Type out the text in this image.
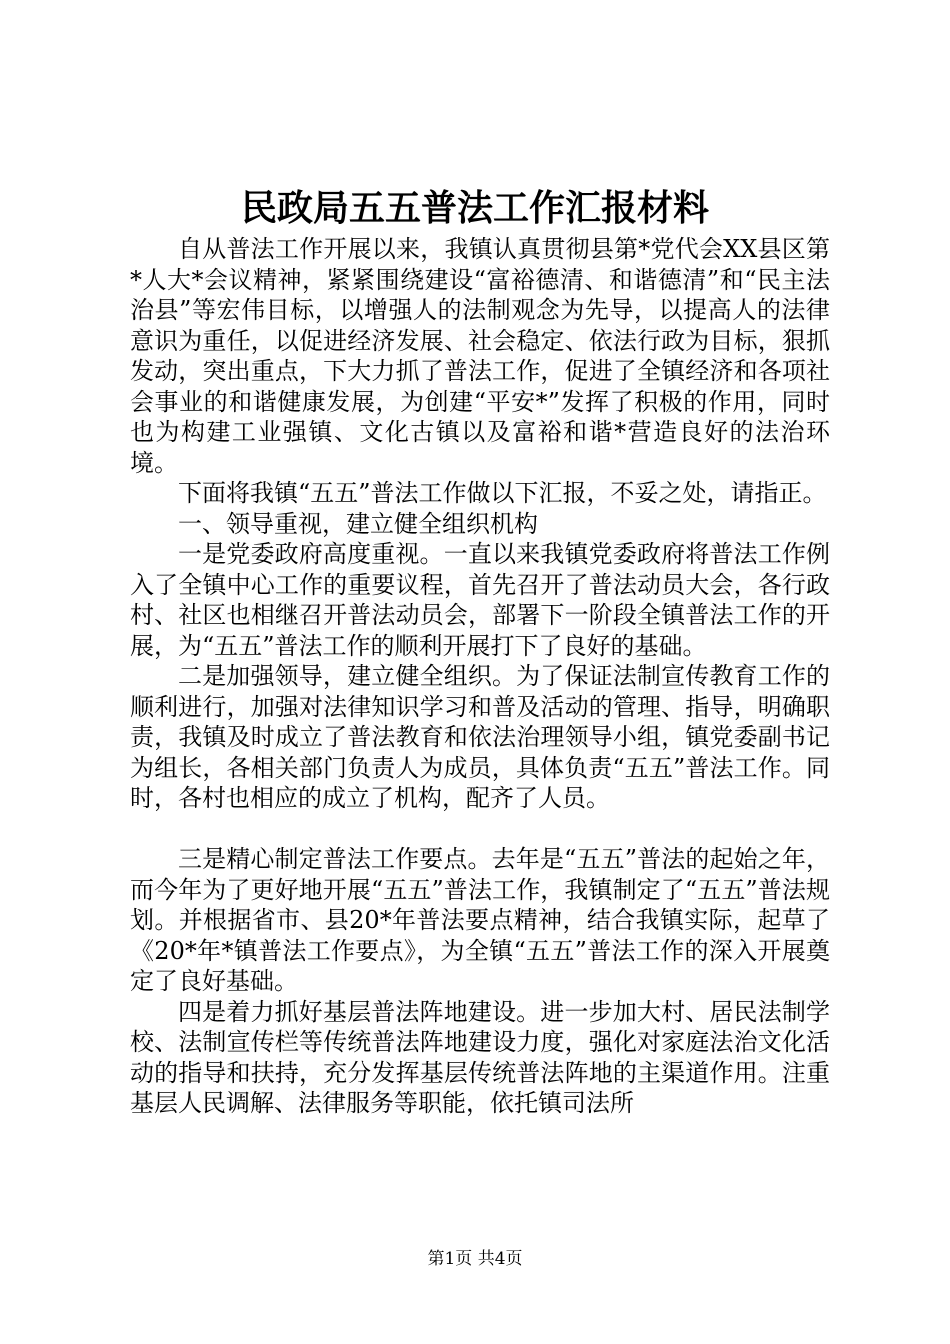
民政局五五普法工作汇报材料

自从普法工作开展以来，我镇认真贯彻县第*党代会XX县区第*人大*会议精神，紧紧围绕建设“富裕德清、和谐德清”和“民主法治县”等宏伟目标，以增强人的法制观念为先导，以提高人的法律意识为重任，以促进经济发展、社会稳定、依法行政为目标，狠抓发动，突出重点，下大力抓了普法工作，促进了全镇经济和各项社会事业的和谐健康发展，为创建“平安*”发挥了积极的作用，同时也为构建工业强镇、文化古镇以及富裕和谐*营造良好的法治环境。

下面将我镇“五五”普法工作做以下汇报，不妥之处，请指正。

一、领导重视，建立健全组织机构

一是党委政府高度重视。一直以来我镇党委政府将普法工作例入了全镇中心工作的重要议程，首先召开了普法动员大会，各行政村、社区也相继召开普法动员会，部署下一阶段全镇普法工作的开展，为“五五”普法工作的顺利开展打下了良好的基础。

二是加强领导，建立健全组织。为了保证法制宣传教育工作的顺利进行，加强对法律知识学习和普及活动的管理、指导，明确职责，我镇及时成立了普法教育和依法治理领导小组，镇党委副书记为组长，各相关部门负责人为成员，具体负责“五五”普法工作。同时，各村也相应的成立了机构，配齐了人员。

三是精心制定普法工作要点。去年是“五五”普法的起始之年，而今年为了更好地开展“五五”普法工作，我镇制定了“五五”普法规划。并根据省市、县20*年普法要点精神，结合我镇实际，起草了《20*年*镇普法工作要点》，为全镇“五五”普法工作的深入开展奠定了良好基础。

四是着力抓好基层普法阵地建设。进一步加大村、居民法制学校、法制宣传栏等传统普法阵地建设力度，强化对家庭法治文化活动的指导和扶持，充分发挥基层传统普法阵地的主渠道作用。注重基层人民调解、法律服务等职能，依托镇司法所

第1页 共4页
